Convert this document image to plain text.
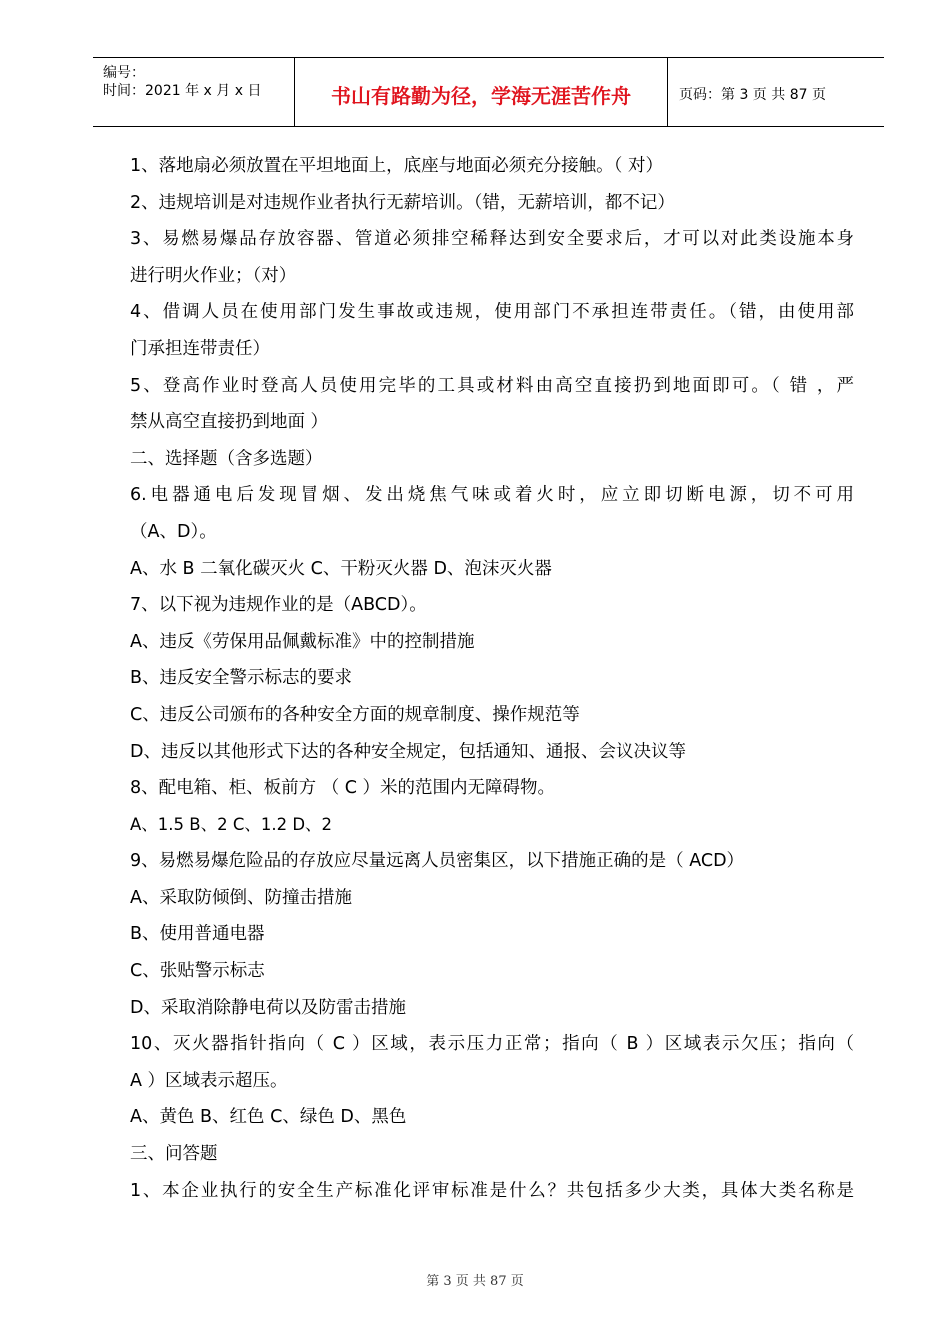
编号：
时间：2021 年 x 月 x 日	书山有路勤为径，学海无涯苦作舟	页码：第 3 页 共 87 页
1、落地扇必须放置在平坦地面上，底座与地面必须充分接触。（ 对）
2、违规培训是对违规作业者执行无薪培训。（错，无薪培训，都不记）
3、易燃易爆品存放容器、管道必须排空稀释达到安全要求后，才可以对此类设施本身
进行明火作业；（对）
4、借调人员在使用部门发生事故或违规，使用部门不承担连带责任。（错，由使用部
门承担连带责任）
5、登高作业时登高人员使用完毕的工具或材料由高空直接扔到地面即可。（ 错 ，严
禁从高空直接扔到地面 ）
二、选择题（含多选题）
6.电器通电后发现冒烟、发出烧焦气味或着火时，应立即切断电源，切不可用
（A、D）。
A、水 B 二氧化碳灭火 C、干粉灭火器 D、泡沫灭火器
7、以下视为违规作业的是（ABCD）。
A、违反《劳保用品佩戴标准》中的控制措施
B、违反安全警示标志的要求
C、违反公司颁布的各种安全方面的规章制度、操作规范等
D、违反以其他形式下达的各种安全规定，包括通知、通报、会议决议等
8、配电箱、柜、板前方 （ C ）米的范围内无障碍物。
A、1.5 B、2 C、1.2 D、2
9、易燃易爆危险品的存放应尽量远离人员密集区，以下措施正确的是（ ACD）
A、采取防倾倒、防撞击措施
B、使用普通电器
C、张贴警示标志
D、采取消除静电荷以及防雷击措施
10、灭火器指针指向（ C ）区域，表示压力正常；指向（ B ）区域表示欠压；指向（
A ）区域表示超压。
A、黄色 B、红色 C、绿色 D、黑色
三、问答题
1、本企业执行的安全生产标准化评审标准是什么？共包括多少大类，具体大类名称是
第 3 页 共 87 页
